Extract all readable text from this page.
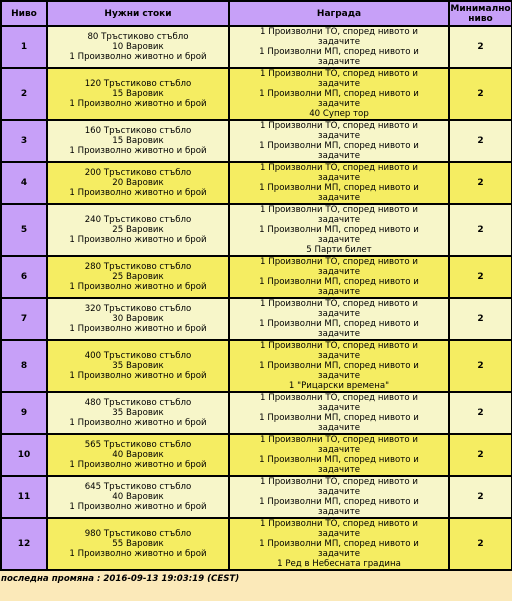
Ниво	Нужни стоки	Награда	Минимално ниво
1	80 Тръстиково стъбло
10 Варовик
1 Произволно животно и брой	1 Произволни ТО, според нивото и задачите
1 Произволни МП, според нивото и задачите	2
2	120 Тръстиково стъбло
15 Варовик
1 Произволно животно и брой	1 Произволни ТО, според нивото и задачите
1 Произволни МП, според нивото и задачите
40 Супер тор	2
3	160 Тръстиково стъбло
15 Варовик
1 Произволно животно и брой	1 Произволни ТО, според нивото и задачите
1 Произволни МП, според нивото и задачите	2
4	200 Тръстиково стъбло
20 Варовик
1 Произволно животно и брой	1 Произволни ТО, според нивото и задачите
1 Произволни МП, според нивото и задачите	2
5	240 Тръстиково стъбло
25 Варовик
1 Произволно животно и брой	1 Произволни ТО, според нивото и задачите
1 Произволни МП, според нивото и задачите
5 Парти билет	2
6	280 Тръстиково стъбло
25 Варовик
1 Произволно животно и брой	1 Произволни ТО, според нивото и задачите
1 Произволни МП, според нивото и задачите	2
7	320 Тръстиково стъбло
30 Варовик
1 Произволно животно и брой	1 Произволни ТО, според нивото и задачите
1 Произволни МП, според нивото и задачите	2
8	400 Тръстиково стъбло
35 Варовик
1 Произволно животно и брой	1 Произволни ТО, според нивото и задачите
1 Произволни МП, според нивото и задачите
1 "Рицарски времена"	2
9	480 Тръстиково стъбло
35 Варовик
1 Произволно животно и брой	1 Произволни ТО, според нивото и задачите
1 Произволни МП, според нивото и задачите	2
10	565 Тръстиково стъбло
40 Варовик
1 Произволно животно и брой	1 Произволни ТО, според нивото и задачите
1 Произволни МП, според нивото и задачите	2
11	645 Тръстиково стъбло
40 Варовик
1 Произволно животно и брой	1 Произволни ТО, според нивото и задачите
1 Произволни МП, според нивото и задачите	2
12	980 Тръстиково стъбло
55 Варовик
1 Произволно животно и брой	1 Произволни ТО, според нивото и задачите
1 Произволни МП, според нивото и задачите
1 Ред в Небесната градина	2
последна промяна : 2016-09-13 19:03:19 (CEST)
